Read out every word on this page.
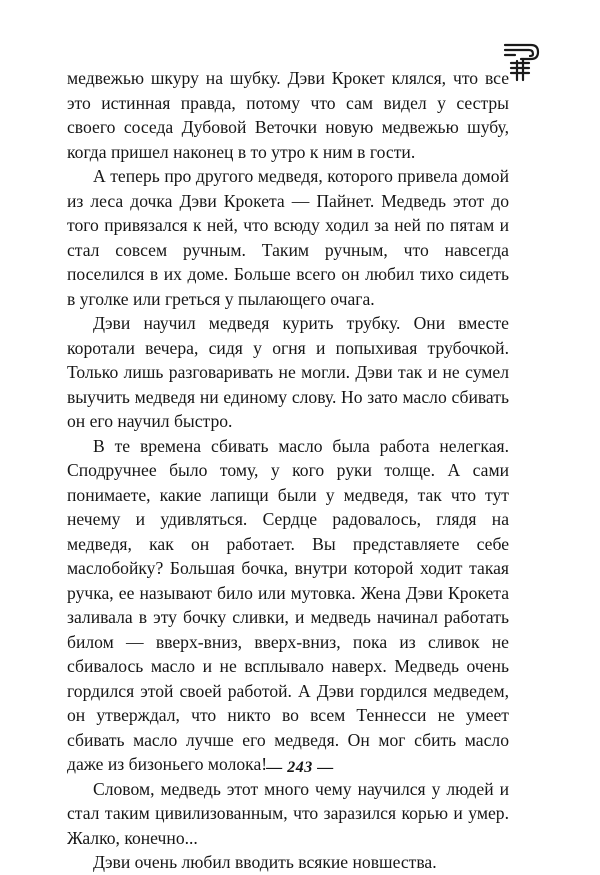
медвежью шкуру на шубку. Дэви Крокет клялся, что все это истинная правда, потому что сам видел у сестры своего соседа Дубовой Веточки новую медвежью шубу, когда пришел наконец в то утро к ним в гости.

А теперь про другого медведя, которого привела домой из леса дочка Дэви Крокета — Пайнет. Медведь этот до того привязался к ней, что всюду ходил за ней по пятам и стал совсем ручным. Таким ручным, что навсегда поселился в их доме. Больше всего он любил тихо сидеть в уголке или греться у пылающего очага.

Дэви научил медведя курить трубку. Они вместе коротали вечера, сидя у огня и попыхивая трубочкой. Только лишь разговаривать не могли. Дэви так и не сумел выучить медведя ни единому слову. Но зато масло сбивать он его научил быстро.

В те времена сбивать масло была работа нелегкая. Сподручнее было тому, у кого руки толще. А сами понимаете, какие лапищи были у медведя, так что тут нечему и удивляться. Сердце радовалось, глядя на медведя, как он работает. Вы представляете себе маслобойку? Большая бочка, внутри которой ходит такая ручка, ее называют било или мутовка. Жена Дэви Крокета заливала в эту бочку сливки, и медведь начинал работать билом — вверх-вниз, вверх-вниз, пока из сливок не сбивалось масло и не всплывало наверх. Медведь очень гордился этой своей работой. А Дэви гордился медведем, он утверждал, что никто во всем Теннесси не умеет сбивать масло лучше его медведя. Он мог сбить масло даже из бизоньего молока!

Словом, медведь этот много чему научился у людей и стал таким цивилизованным, что заразился корью и умер. Жалко, конечно...

Дэви очень любил вводить всякие новшества.

— 243 —
